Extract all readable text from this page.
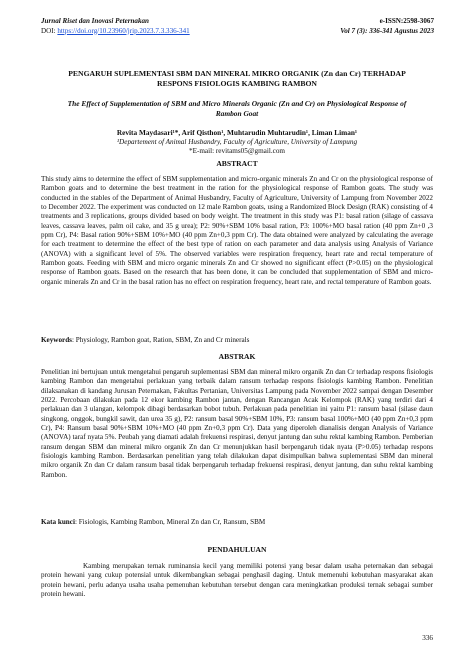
Jurnal Riset dan Inovasi Peternakan
DOI: https://doi.org/10.23960/jrip.2023.7.3.336-341
e-ISSN:2598-3067
Vol 7 (3): 336-341 Agustus 2023
PENGARUH SUPLEMENTASI SBM DAN MINERAL MIKRO ORGANIK (Zn dan Cr) TERHADAP RESPONS FISIOLOGIS KAMBING RAMBON
The Effect of Supplementation of SBM and Micro Minerals Organic (Zn and Cr) on Physiological Response of Rambon Goat
Revita Maydasari¹*, Arif Qisthon¹, Muhtarudin Muhtarudin¹, Liman Liman¹
¹Departement of Animal Husbandry, Faculty of Agriculture, University of Lampung
*E-mail: revitams05@gmail.com
ABSTRACT

This study aims to determine the effect of SBM supplementation and micro-organic minerals Zn and Cr on the physiological response of Rambon goats and to determine the best treatment in the ration for the physiological response of Rambon goats. The study was conducted in the stables of the Department of Animal Husbandry, Faculty of Agriculture, University of Lampung from November 2022 to December 2022. The experiment was conducted on 12 male Rambon goats, using a Randomized Block Design (RAK) consisting of 4 treatments and 3 replications, groups divided based on body weight. The treatment in this study was P1: basal ration (silage of cassava leaves, cassava leaves, palm oil cake, and 35 g urea); P2: 90%+SBM 10% basal ration, P3: 100%+MO basal ration (40 ppm Zn+0 ,3 ppm Cr), P4: Basal ration 90%+SBM 10%+MO (40 ppm Zn+0,3 ppm Cr). The data obtained were analyzed by calculating the average for each treatment to determine the effect of the best type of ration on each parameter and data analysis using Analysis of Variance (ANOVA) with a significant level of 5%. The observed variables were respiration frequency, heart rate and rectal temperature of Rambon goats. Feeding with SBM and micro organic minerals Zn and Cr showed no significant effect (P>0.05) on the physiological response of Rambon goats. Based on the research that has been done, it can be concluded that supplementation of SBM and micro-organic minerals Zn and Cr in the basal ration has no effect on respiration frequency, heart rate, and rectal temperature of Rambon goats.

Keywords: Physiology, Rambon goat, Ration, SBM, Zn and Cr minerals
ABSTRAK

Penelitian ini bertujuan untuk mengetahui pengaruh suplementasi SBM dan mineral mikro organik Zn dan Cr terhadap respons fisiologis kambing Rambon dan mengetahui perlakuan yang terbaik dalam ransum terhadap respons fisiologis kambing Rambon. Penelitian dilaksanakan di kandang Jurusan Peternakan, Fakultas Pertanian, Universitas Lampung pada November 2022 sampai dengan Desember 2022. Percobaan dilakukan pada 12 ekor kambing Rambon jantan, dengan Rancangan Acak Kelompok (RAK) yang terdiri dari 4 perlakuan dan 3 ulangan, kelompok dibagi berdasarkan bobot tubuh. Perlakuan pada penelitian ini yaitu P1: ransum basal (silase daun singkong, onggok, bungkil sawit, dan urea 35 g), P2: ransum basal 90%+SBM 10%, P3: ransum basal 100%+MO (40 ppm Zn+0,3 ppm Cr), P4: Ransum basal 90%+SBM 10%+MO (40 ppm Zn+0,3 ppm Cr). Data yang diperoleh dianalisis dengan Analysis of Variance (ANOVA) taraf nyata 5%. Peubah yang diamati adalah frekuensi respirasi, denyut jantung dan suhu rektal kambing Rambon. Pemberian ransum dengan SBM dan mineral mikro organik Zn dan Cr menunjukkan hasil berpengaruh tidak nyata (P>0.05) terhadap respons fisiologis kambing Rambon. Berdasarkan penelitian yang telah dilakukan dapat disimpulkan bahwa suplementasi SBM dan mineral mikro organik Zn dan Cr dalam ransum basal tidak berpengaruh terhadap frekuensi respirasi, denyut jantung, dan suhu rektal kambing Rambon.

Kata kunci: Fisiologis, Kambing Rambon, Mineral Zn dan Cr, Ransum, SBM
PENDAHULUAN

Kambing merupakan ternak ruminansia kecil yang memiliki potensi yang besar dalam usaha peternakan dan sebagai protein hewani yang cukup potensial untuk dikembangkan sebagai penghasil daging. Untuk memenuhi kebutuhan masyarakat akan protein hewani, perlu adanya usaha usaha pemenuhan kebutuhan tersebut dengan cara meningkatkan produksi ternak sebagai sumber protein hewani.

336
